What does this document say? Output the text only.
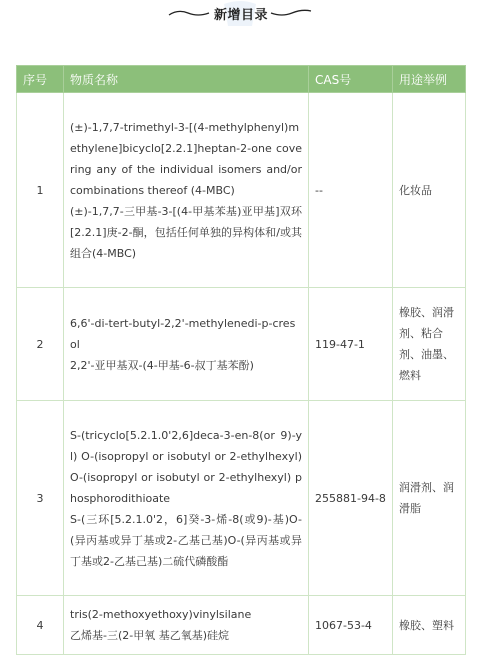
新增目录
序号	物质名称	CAS号	用途举例
1	(±)-1,7,7-trimethyl-3-[(4-methylphenyl)methylene]bicyclo[2.2.1]heptan-2-one covering any of the individual isomers and/or combinations thereof (4-MBC)
(±)-1,7,7-三甲基-3-[(4-甲基苯基)亚甲基]双环[2.2.1]庚-2-酮，包括任何单独的异构体和/或其组合(4-MBC)	--	化妆品
2	6,6'-di-tert-butyl-2,2'-methylenedi-p-cresol
2,2'-亚甲基双-(4-甲基-6-叔丁基苯酚)	119-47-1	橡胶、润滑剂、粘合剂、油墨、燃料
3	S-(tricyclo[5.2.1.0'2,6]deca-3-en-8(or 9)-yl) O-(isopropyl or isobutyl or 2-ethylhexyl) O-(isopropyl or isobutyl or 2-ethylhexyl) phosphorodithioate
S-(三环[5.2.1.0'2，6]癸-3-烯-8(或9)-基)O-(异丙基或异丁基或2-乙基己基)O-(异丙基或异丁基或2-乙基己基)二硫代磷酸酯	255881-94-8	润滑剂、润滑脂
4	tris(2-methoxyethoxy)vinylsilane
乙烯基-三(2-甲氧 基乙氧基)硅烷	1067-53-4	橡胶、塑料
